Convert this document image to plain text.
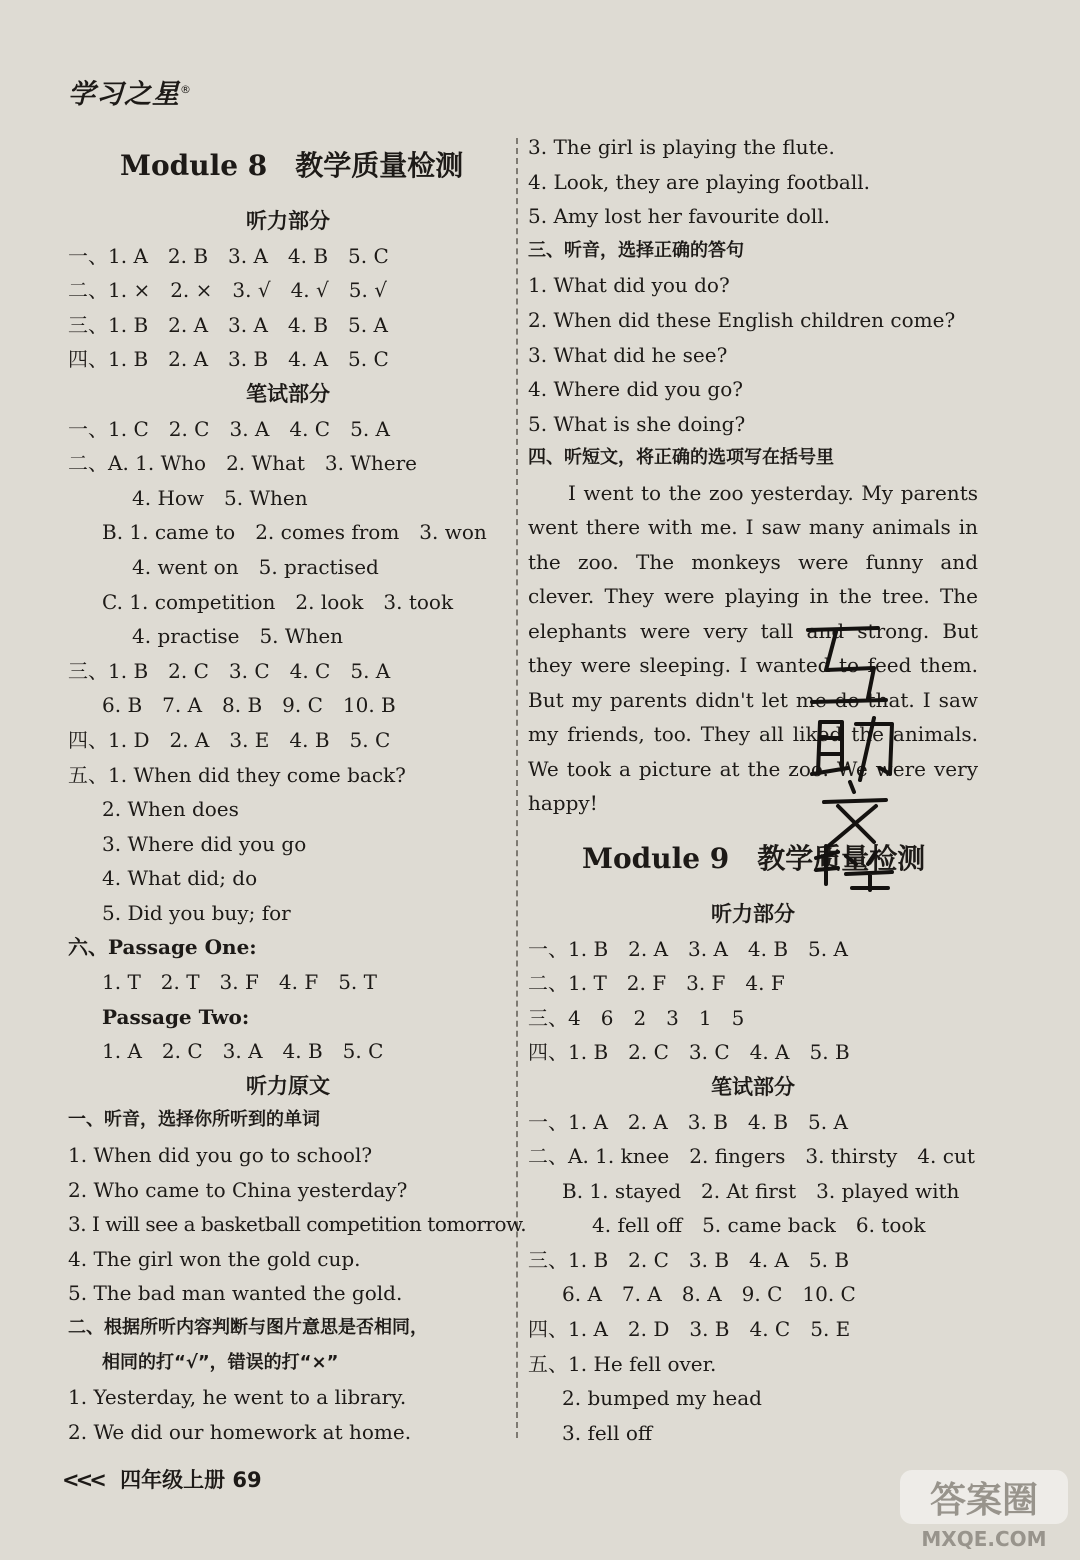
学习之星®
Module 8　教学质量检测
听力部分
一、1. A　2. B　3. A　4. B　5. C
二、1. ×　2. ×　3. √　4. √　5. √
三、1. B　2. A　3. A　4. B　5. A
四、1. B　2. A　3. B　4. A　5. C
笔试部分
一、1. C　2. C　3. A　4. C　5. A
二、A. 1. Who　2. What　3. Where
4. How　5. When
B. 1. came to　2. comes from　3. won
4. went on　5. practised
C. 1. competition　2. look　3. took
4. practise　5. When
三、1. B　2. C　3. C　4. C　5. A
6. B　7. A　8. B　9. C　10. B
四、1. D　2. A　3. E　4. B　5. C
五、1. When did they come back?
2. When does
3. Where did you go
4. What did; do
5. Did you buy; for
六、Passage One:
1. T　2. T　3. F　4. F　5. T
Passage Two:
1. A　2. C　3. A　4. B　5. C
听力原文
一、听音，选择你所听到的单词
1. When did you go to school?
2. Who came to China yesterday?
3. I will see a basketball competition tomorrow.
4. The girl won the gold cup.
5. The bad man wanted the gold.
二、根据所听内容判断与图片意思是否相同，
相同的打“√”，错误的打“×”
1. Yesterday, he went to a library.
2. We did our homework at home.
3. The girl is playing the flute.
4. Look, they are playing football.
5. Amy lost her favourite doll.
三、听音，选择正确的答句
1. What did you do?
2. When did these English children come?
3. What did he see?
4. Where did you go?
5. What is she doing?
四、听短文，将正确的选项写在括号里
I went to the zoo yesterday. My parents went there with me. I saw many animals in the zoo. The monkeys were funny and clever. They were playing in the tree. The elephants were very tall and strong. But they were sleeping. I wanted to feed them. But my parents didn't let me do that. I saw my friends, too. They all liked the animals. We took a picture at the zoo. We were very happy!
Module 9　教学质量检测
听力部分
一、1. B　2. A　3. A　4. B　5. A
二、1. T　2. F　3. F　4. F
三、4　6　2　3　1　5
四、1. B　2. C　3. C　4. A　5. B
笔试部分
一、1. A　2. A　3. B　4. B　5. A
二、A. 1. knee　2. fingers　3. thirsty　4. cut
B. 1. stayed　2. At first　3. played with
4. fell off　5. came back　6. took
三、1. B　2. C　3. B　4. A　5. B
6. A　7. A　8. A　9. C　10. C
四、1. A　2. D　3. B　4. C　5. E
五、1. He fell over.
2. bumped my head
3. fell off
答案圈
MXQE.COM
<<< 四年级上册 69
